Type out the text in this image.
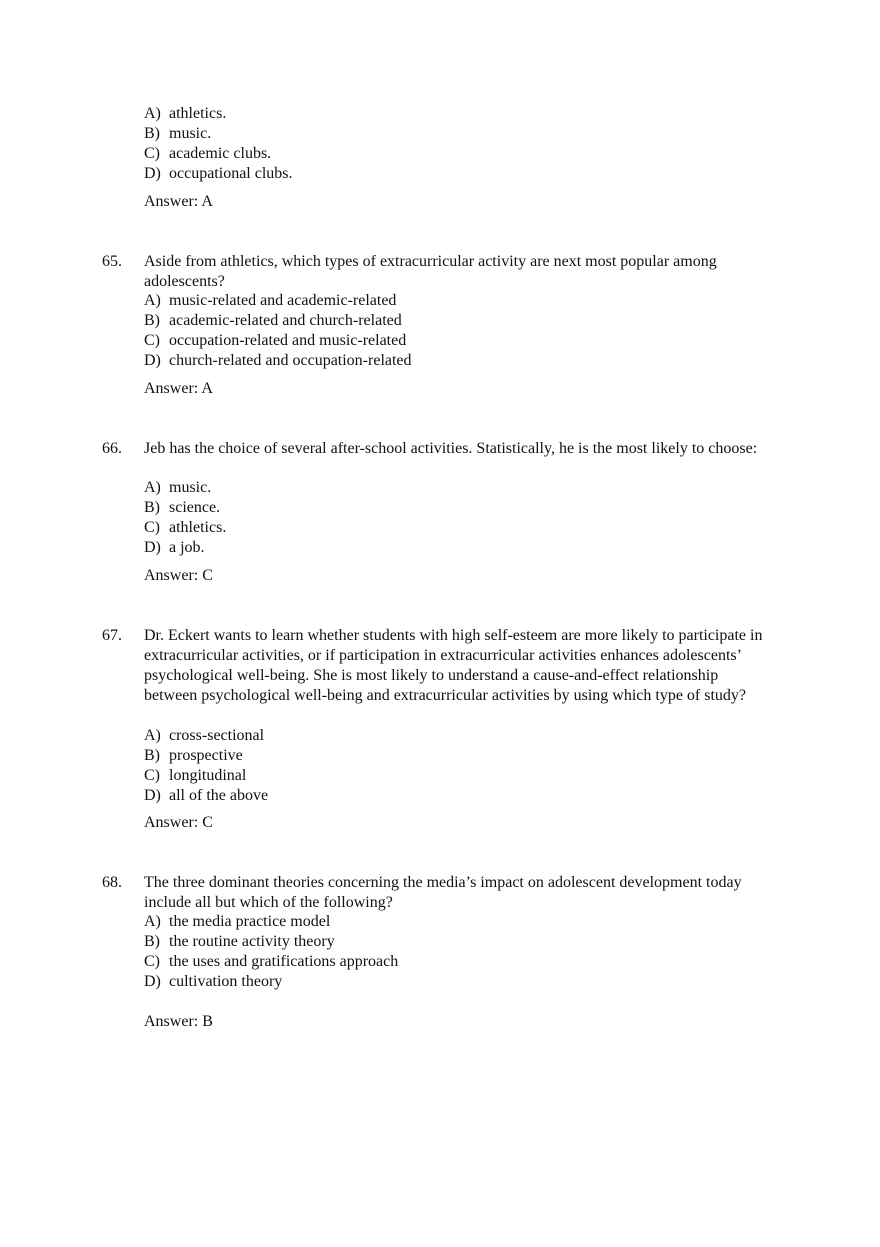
A) athletics.
B) music.
C) academic clubs.
D) occupational clubs.
Answer: A
65. Aside from athletics, which types of extracurricular activity are next most popular among adolescents?
A) music-related and academic-related
B) academic-related and church-related
C) occupation-related and music-related
D) church-related and occupation-related
Answer: A
66. Jeb has the choice of several after-school activities. Statistically, he is the most likely to choose:
A) music.
B) science.
C) athletics.
D) a job.
Answer: C
67. Dr. Eckert wants to learn whether students with high self-esteem are more likely to participate in extracurricular activities, or if participation in extracurricular activities enhances adolescents’ psychological well-being. She is most likely to understand a cause-and-effect relationship between psychological well-being and extracurricular activities by using which type of study?
A) cross-sectional
B) prospective
C) longitudinal
D) all of the above
Answer: C
68. The three dominant theories concerning the media’s impact on adolescent development today include all but which of the following?
A) the media practice model
B) the routine activity theory
C) the uses and gratifications approach
D) cultivation theory
Answer: B
